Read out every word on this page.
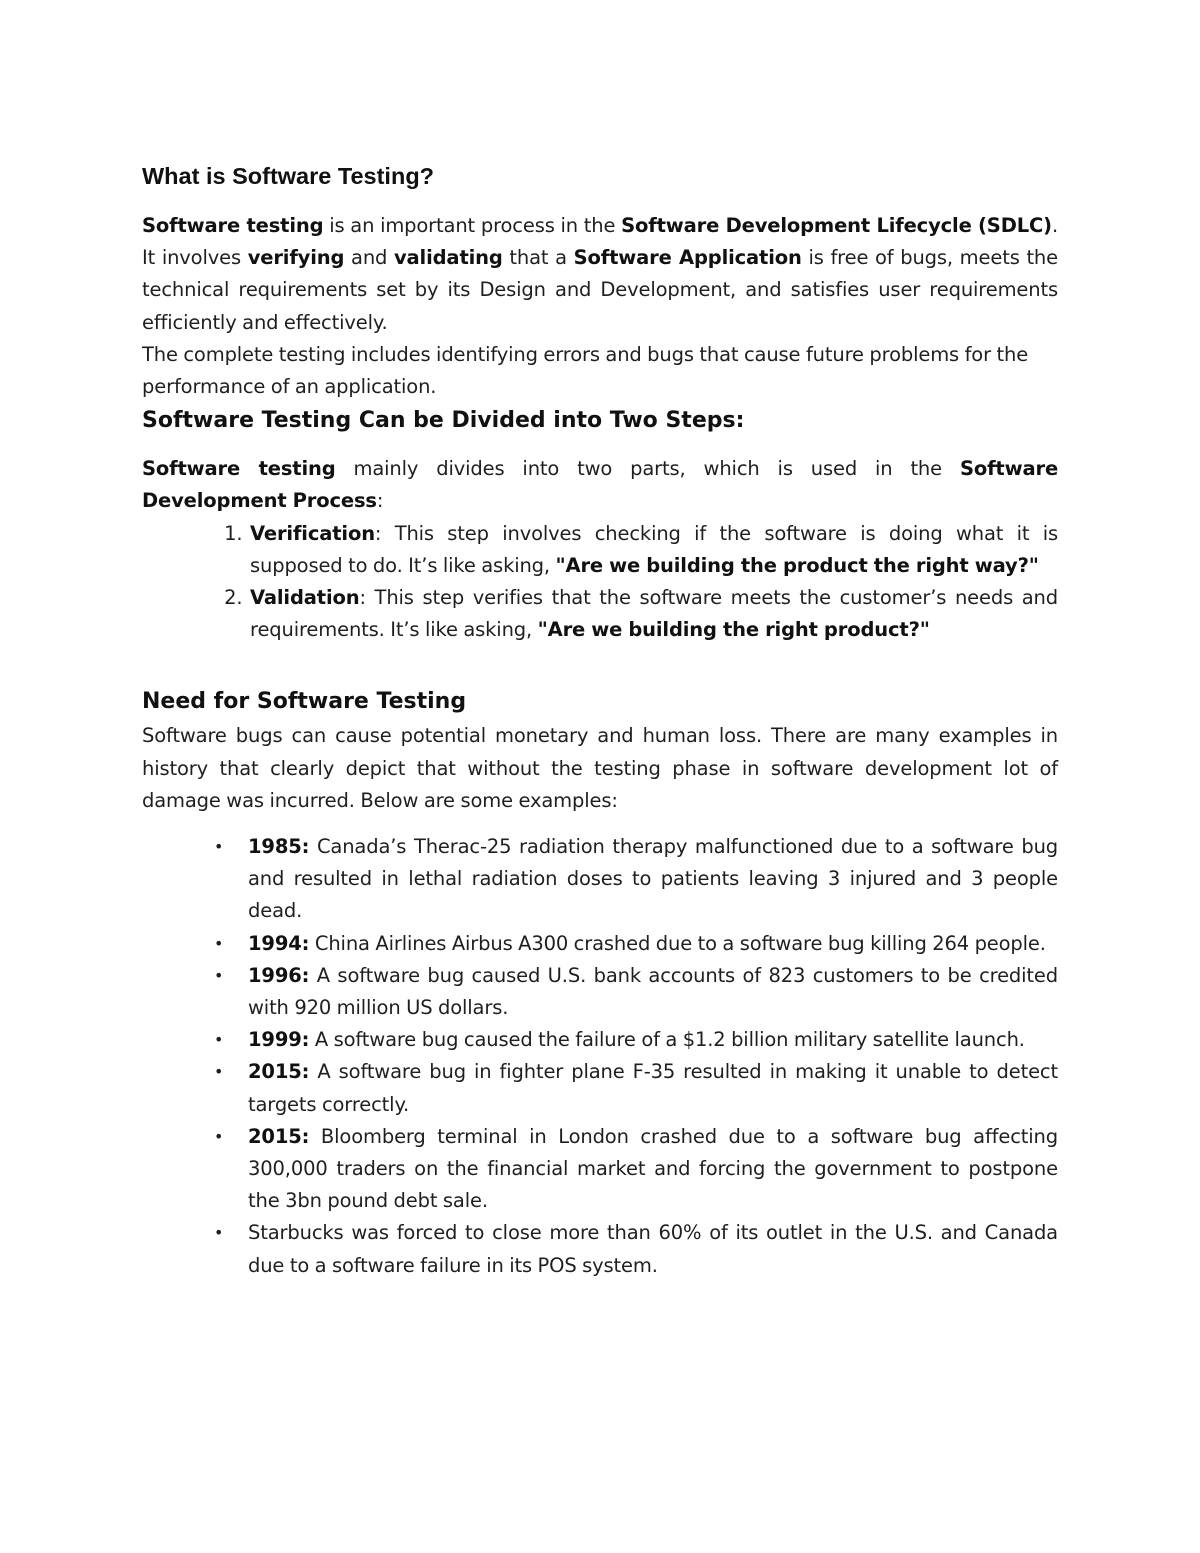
What is Software Testing?

Software testing is an important process in the Software Development Lifecycle (SDLC). It involves verifying and validating that a Software Application is free of bugs, meets the technical requirements set by its Design and Development, and satisfies user requirements efficiently and effectively.

The complete testing includes identifying errors and bugs that cause future problems for the performance of an application.

Software Testing Can be Divided into Two Steps:

Software testing mainly divides into two parts, which is used in the Software Development Process:

1. Verification: This step involves checking if the software is doing what it is supposed to do. It’s like asking, "Are we building the product the right way?"
2. Validation: This step verifies that the software meets the customer’s needs and requirements. It’s like asking, "Are we building the right product?"
Need for Software Testing

Software bugs can cause potential monetary and human loss. There are many examples in history that clearly depict that without the testing phase in software development lot of damage was incurred. Below are some examples:

• 1985: Canada’s Therac-25 radiation therapy malfunctioned due to a software bug and resulted in lethal radiation doses to patients leaving 3 injured and 3 people dead.
• 1994: China Airlines Airbus A300 crashed due to a software bug killing 264 people.
• 1996: A software bug caused U.S. bank accounts of 823 customers to be credited with 920 million US dollars.
• 1999: A software bug caused the failure of a $1.2 billion military satellite launch.
• 2015: A software bug in fighter plane F-35 resulted in making it unable to detect targets correctly.
• 2015: Bloomberg terminal in London crashed due to a software bug affecting 300,000 traders on the financial market and forcing the government to postpone the 3bn pound debt sale.
• Starbucks was forced to close more than 60% of its outlet in the U.S. and Canada due to a software failure in its POS system.
